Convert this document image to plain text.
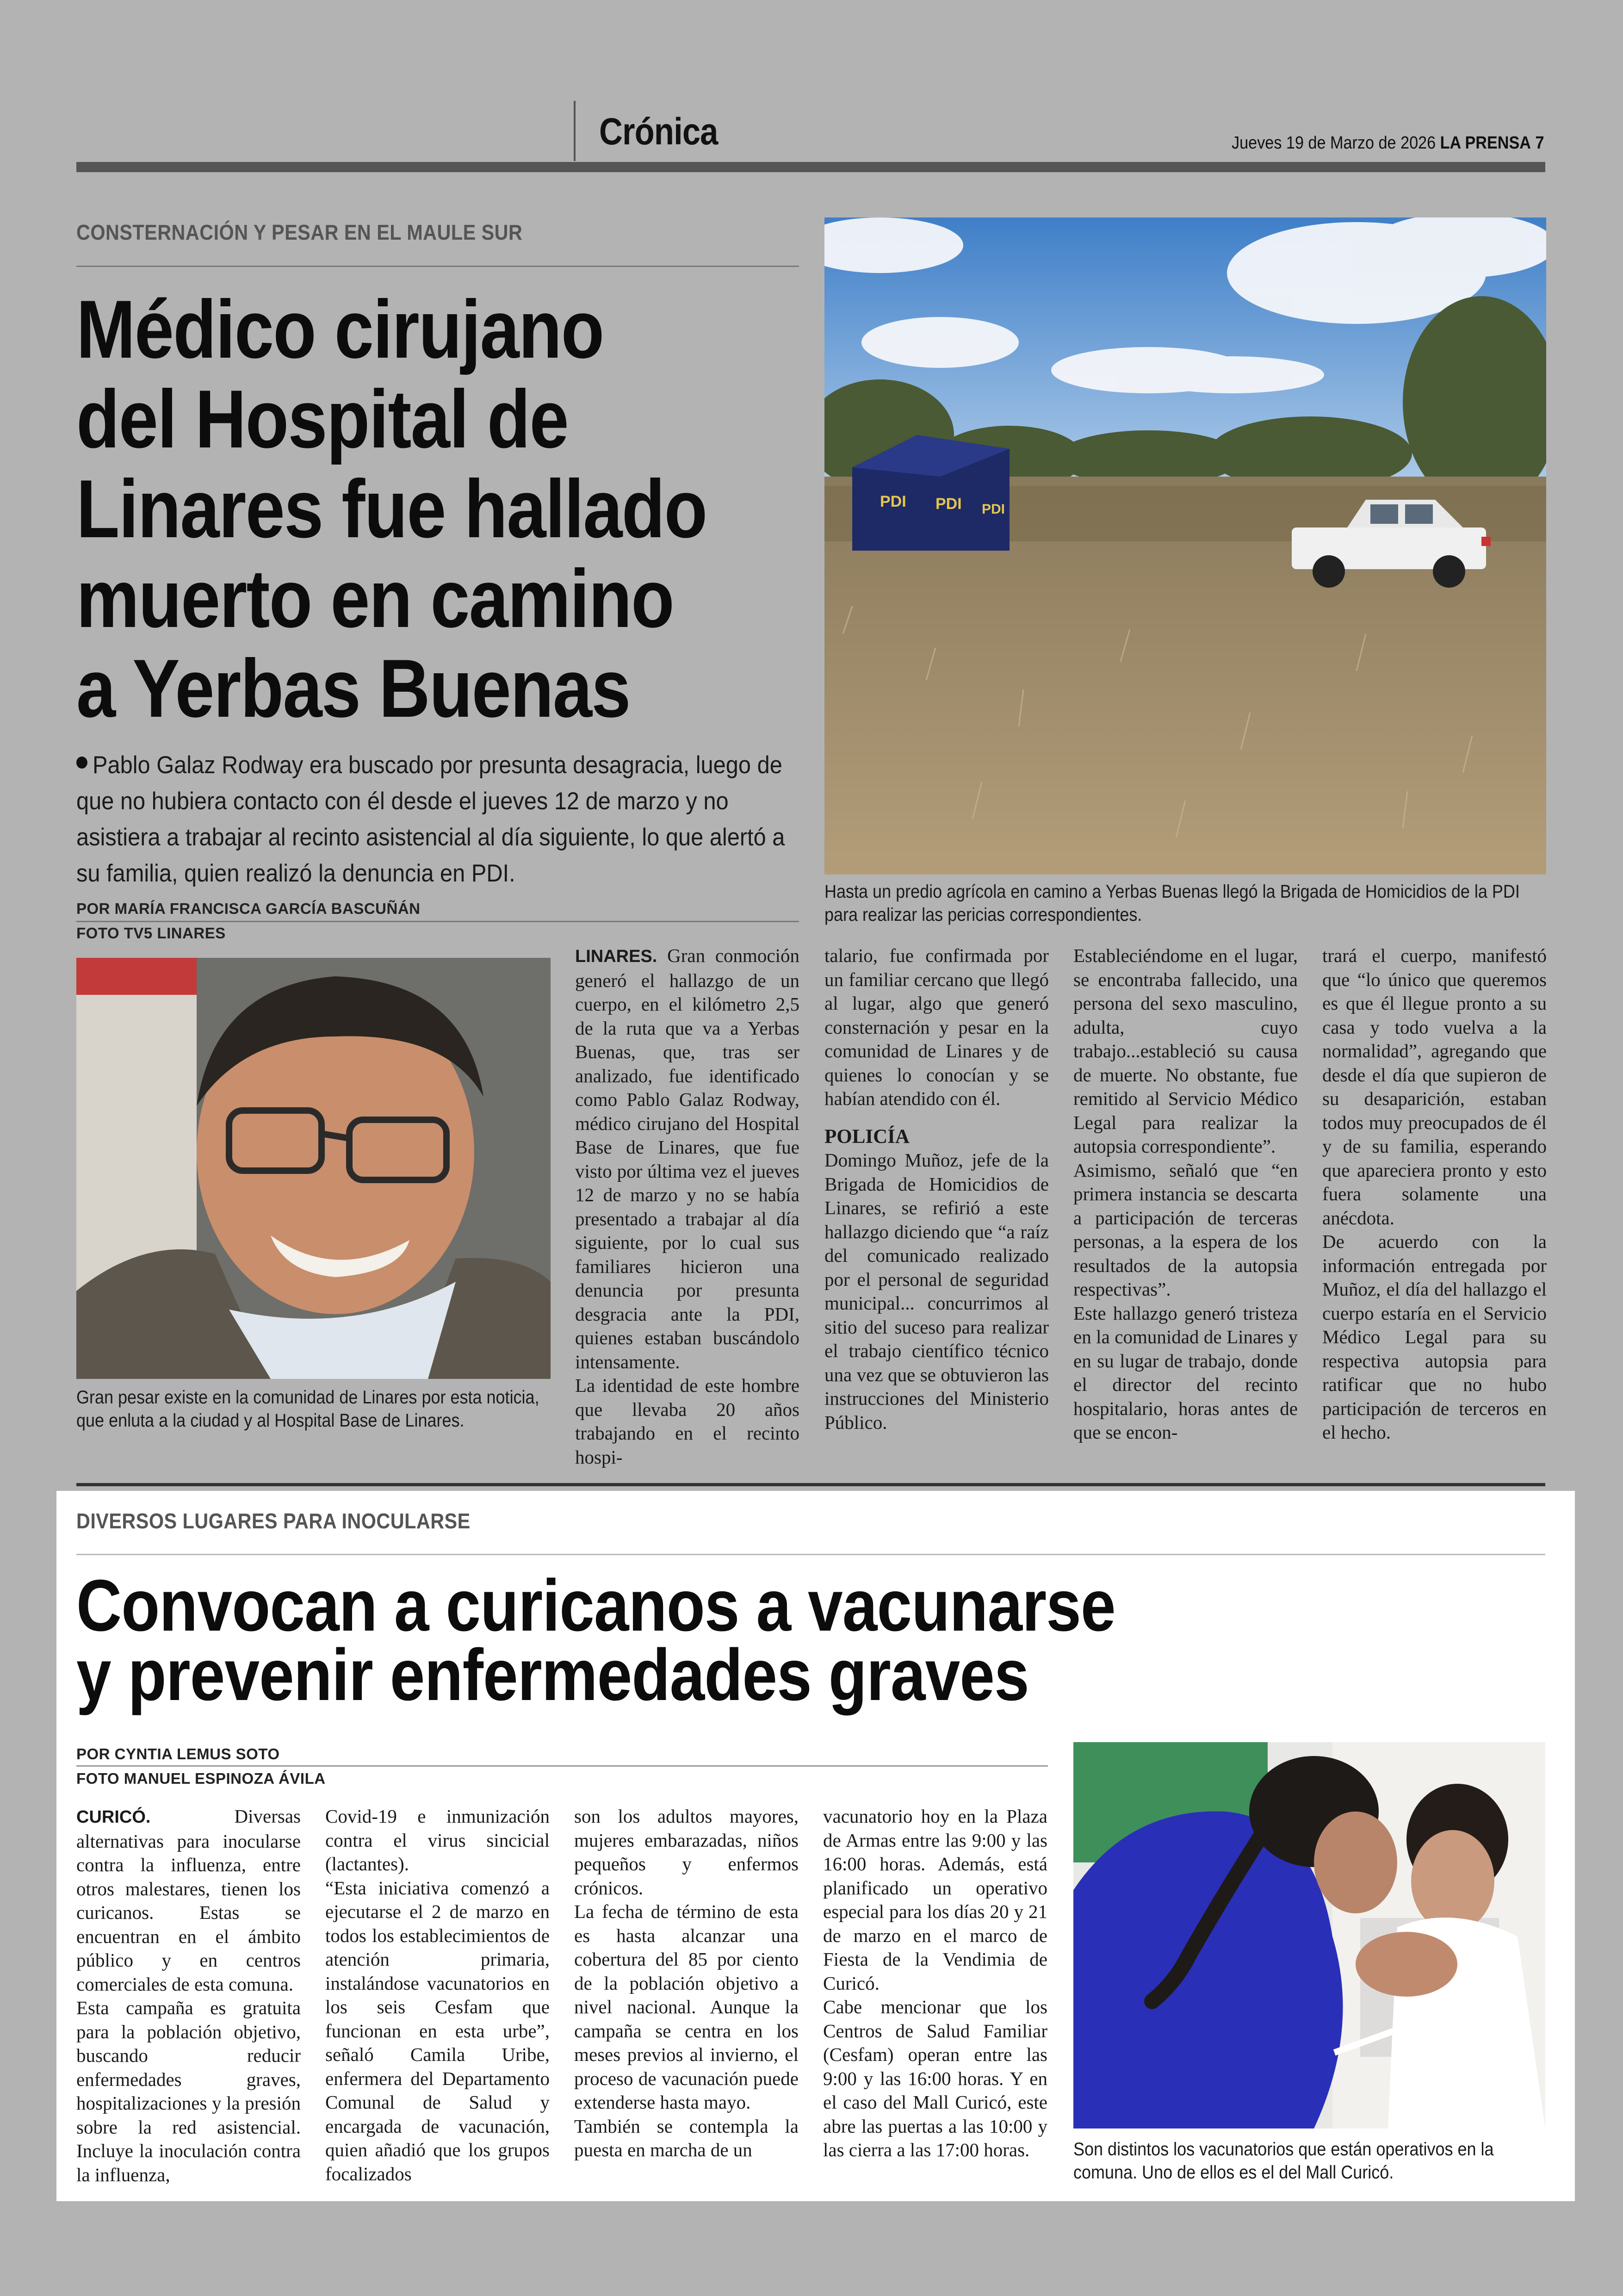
Crónica	Jueves 19 de Marzo de 2026 LA PRENSA 7
CONSTERNACIÓN Y PESAR EN EL MAULE SUR
Médico cirujano
del Hospital de
Linares fue hallado
muerto en camino
a Yerbas Buenas
Pablo Galaz Rodway era buscado por presunta desagracia, luego de que no hubiera contacto con él desde el jueves 12 de marzo y no asistiera a trabajar al recinto asistencial al día siguiente, lo que alertó a su familia, quien realizó la denuncia en PDI.
POR MARÍA FRANCISCA GARCÍA BASCUÑÁN
FOTO TV5 LINARES
PDI PDI PDI
Hasta un predio agrícola en camino a Yerbas Buenas llegó la Brigada de Homicidios de la PDI para realizar las pericias correspondientes.
Gran pesar existe en la comunidad de Linares por esta noticia, que enluta a la ciudad y al Hospital Base de Linares.

LINARES. Gran conmoción generó el hallazgo de un cuerpo, en el kilómetro 2,5 de la ruta que va a Yerbas Buenas, que, tras ser analizado, fue identificado como Pablo Galaz Rodway, médico cirujano del Hospital Base de Linares, que fue visto por última vez el jueves 12 de marzo y no se había presentado a trabajar al día siguiente, por lo cual sus familiares hicieron una denuncia por presunta desgracia ante la PDI, quienes estaban buscándolo intensamente.

La identidad de este hombre que llevaba 20 años trabajando en el recinto hospi-

talario, fue confirmada por un familiar cercano que llegó al lugar, algo que generó consternación y pesar en la comunidad de Linares y de quienes lo conocían y se habían atendido con él.

POLICÍA

Domingo Muñoz, jefe de la Brigada de Homicidios de Linares, se refirió a este hallazgo diciendo que “a raíz del comunicado realizado por el personal de seguridad municipal... concurrimos al sitio del suceso para realizar el trabajo científico técnico una vez que se obtuvieron las instrucciones del Ministerio Público.

Estableciéndome en el lugar, se encontraba fallecido, una persona del sexo masculino, adulta, cuyo trabajo...estableció su causa de muerte. No obstante, fue remitido al Servicio Médico Legal para realizar la autopsia correspondiente”.

Asimismo, señaló que “en primera instancia se descarta a participación de terceras personas, a la espera de los resultados de la autopsia respectivas”.

Este hallazgo generó tristeza en la comunidad de Linares y en su lugar de trabajo, donde el director del recinto hospitalario, horas antes de que se encon-

trará el cuerpo, manifestó que “lo único que queremos es que él llegue pronto a su casa y todo vuelva a la normalidad”, agregando que desde el día que supieron de su desaparición, estaban todos muy preocupados de él y de su familia, esperando que apareciera pronto y esto fuera solamente una anécdota.

De acuerdo con la información entregada por Muñoz, el día del hallazgo el cuerpo estaría en el Servicio Médico Legal para su respectiva autopsia para ratificar que no hubo participación de terceros en el hecho.

DIVERSOS LUGARES PARA INOCULARSE
Convocan a curicanos a vacunarse
y prevenir enfermedades graves
POR CYNTIA LEMUS SOTO
FOTO MANUEL ESPINOZA ÁVILA

CURICÓ.	Diversas alternativas para inocularse contra la influenza, entre otros malestares, tienen los curicanos. Estas se encuentran en el ámbito público y en centros comerciales de esta comuna.

Esta campaña es gratuita para la población objetivo, buscando reducir enfermedades graves, hospitalizaciones y la presión sobre la red asistencial. Incluye la inoculación contra la influenza,

Covid-19 e inmunización contra el virus sincicial (lactantes).

“Esta iniciativa comenzó a ejecutarse el 2 de marzo en todos los establecimientos de atención primaria, instalándose vacunatorios en los seis Cesfam que funcionan en esta urbe”, señaló Camila Uribe, enfermera del Departamento Comunal de Salud y encargada de vacunación, quien añadió que los grupos focalizados

son los adultos mayores, mujeres embarazadas, niños pequeños y enfermos crónicos.

La fecha de término de esta es hasta alcanzar una cobertura del 85 por ciento de la población objetivo a nivel nacional. Aunque la campaña se centra en los meses previos al invierno, el proceso de vacunación puede extenderse hasta mayo.

También se contempla la puesta en marcha de un

vacunatorio hoy en la Plaza de Armas entre las 9:00 y las 16:00 horas. Además, está planificado un operativo especial para los días 20 y 21 de marzo en el marco de Fiesta de la Vendimia de Curicó.

Cabe mencionar que los Centros de Salud Familiar (Cesfam) operan entre las 9:00 y las 16:00 horas. Y en el caso del Mall Curicó, este abre las puertas a las 10:00 y las cierra a las 17:00 horas.	Son distintos los vacunatorios que están operativos en la comuna. Uno de ellos es el del Mall Curicó.
